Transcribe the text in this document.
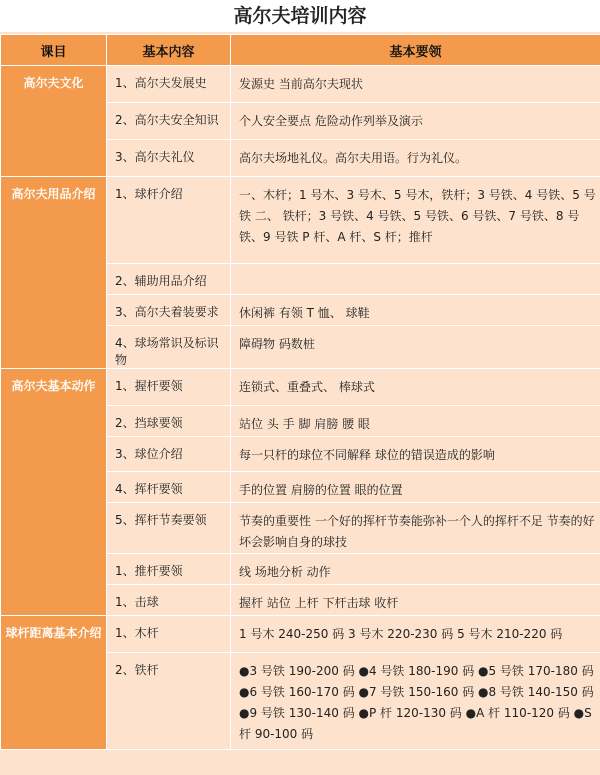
高尔夫培训内容
课目	基本内容	基本要领
高尔夫文化	1、高尔夫发展史	发源史 当前高尔夫现状
	2、高尔夫安全知识	个人安全要点 危险动作列举及演示
	3、高尔夫礼仪	高尔夫场地礼仪。高尔夫用语。行为礼仪。
高尔夫用品介绍	1、球杆介绍	一、木杆；1 号木、3 号木、5 号木，铁杆；3 号铁、4 号铁、5 号铁 二、 铁杆；3 号铁、4 号铁、5 号铁、6 号铁、7 号铁、8 号铁、9 号铁 P 杆、A 杆、S 杆；推杆
	2、辅助用品介绍	
	3、高尔夫着装要求	休闲裤 有领 T 恤、 球鞋
	4、球场常识及标识物	障碍物 码数桩
高尔夫基本动作	1、握杆要领	连锁式、重叠式、 棒球式
	2、挡球要领	站位 头 手 脚 肩膀 腰 眼
	3、球位介绍	每一只杆的球位不同解释 球位的错误造成的影响
	4、挥杆要领	手的位置 肩膀的位置 眼的位置
	5、挥杆节奏要领	节奏的重要性 一个好的挥杆节奏能弥补一个人的挥杆不足 节奏的好坏会影响自身的球技
	1、推杆要领	线 场地分析 动作
	1、击球	握杆 站位 上杆 下杆击球 收杆
球杆距离基本介绍	1、木杆	1 号木 240-250 码 3 号木 220-230 码 5 号木 210-220 码
	2、铁杆	●3 号铁 190-200 码 ●4 号铁 180-190 码 ●5 号铁 170-180 码 ●6 号铁 160-170 码 ●7 号铁 150-160 码 ●8 号铁 140-150 码 ●9 号铁 130-140 码 ●P 杆 120-130 码 ●A 杆 110-120 码 ●S 杆 90-100 码
